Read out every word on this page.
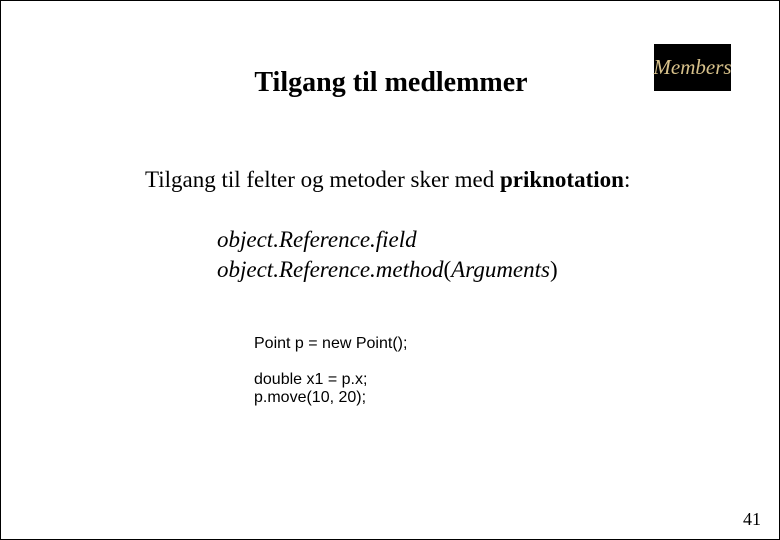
Tilgang til medlemmer	Members
Tilgang til felter og metoder sker med priknotation:
object.Reference.field
object.Reference.method(Arguments)
Point p = new Point();
double x1 = p.x;
p.move(10, 20);
41
